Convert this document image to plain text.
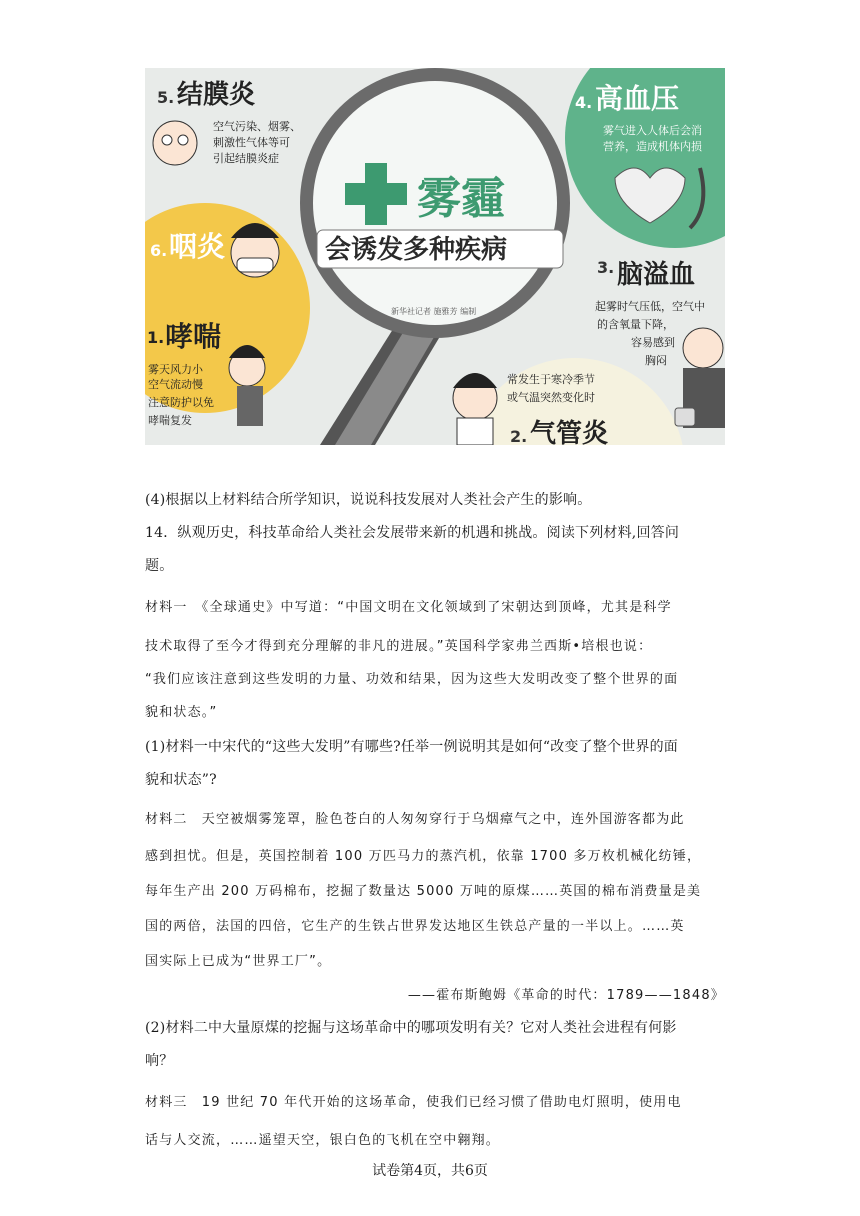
雾霾
会诱发多种疾病
新华社记者 施雅芳 编制
5. 结膜炎
空气污染、烟雾、
刺激性气体等可
引起结膜炎症
4. 高血压
雾气进入人体后会消
营养，造成机体内损
6. 咽炎
3. 脑溢血
起雾时气压低，空气中
的含氧量下降，
容易感到
胸闷
1. 哮喘
雾天风力小
空气流动慢
注意防护以免
哮喘复发
2. 气管炎
常发生于寒冷季节
或气温突然变化时
(4)根据以上材料结合所学知识，说说科技发展对人类社会产生的影响。
14．纵观历史，科技革命给人类社会发展带来新的机遇和挑战。阅读下列材料,回答问
题。
材料一　《全球通史》中写道：“中国文明在文化领域到了宋朝达到顶峰，尤其是科学
技术取得了至今才得到充分理解的非凡的进展。”英国科学家弗兰西斯•培根也说：
“我们应该注意到这些发明的力量、功效和结果，因为这些大发明改变了整个世界的面
貌和状态。”
(1)材料一中宋代的“这些大发明”有哪些?任举一例说明其是如何“改变了整个世界的面
貌和状态”?
材料二　天空被烟雾笼罩，脸色苍白的人匆匆穿行于乌烟瘴气之中，连外国游客都为此
感到担忧。但是，英国控制着 100 万匹马力的蒸汽机，依靠 1700 多万枚机械化纺锤，
每年生产出 200 万码棉布，挖掘了数量达 5000 万吨的原煤……英国的棉布消费量是美
国的两倍，法国的四倍，它生产的生铁占世界发达地区生铁总产量的一半以上。……英
国实际上已成为“世界工厂”。
——霍布斯鲍姆《革命的时代：1789——1848》
(2)材料二中大量原煤的挖掘与这场革命中的哪项发明有关？它对人类社会进程有何影
响？
材料三　19 世纪 70 年代开始的这场革命，使我们已经习惯了借助电灯照明，使用电
话与人交流，……遥望天空，银白色的飞机在空中翱翔。
试卷第4页，共6页
